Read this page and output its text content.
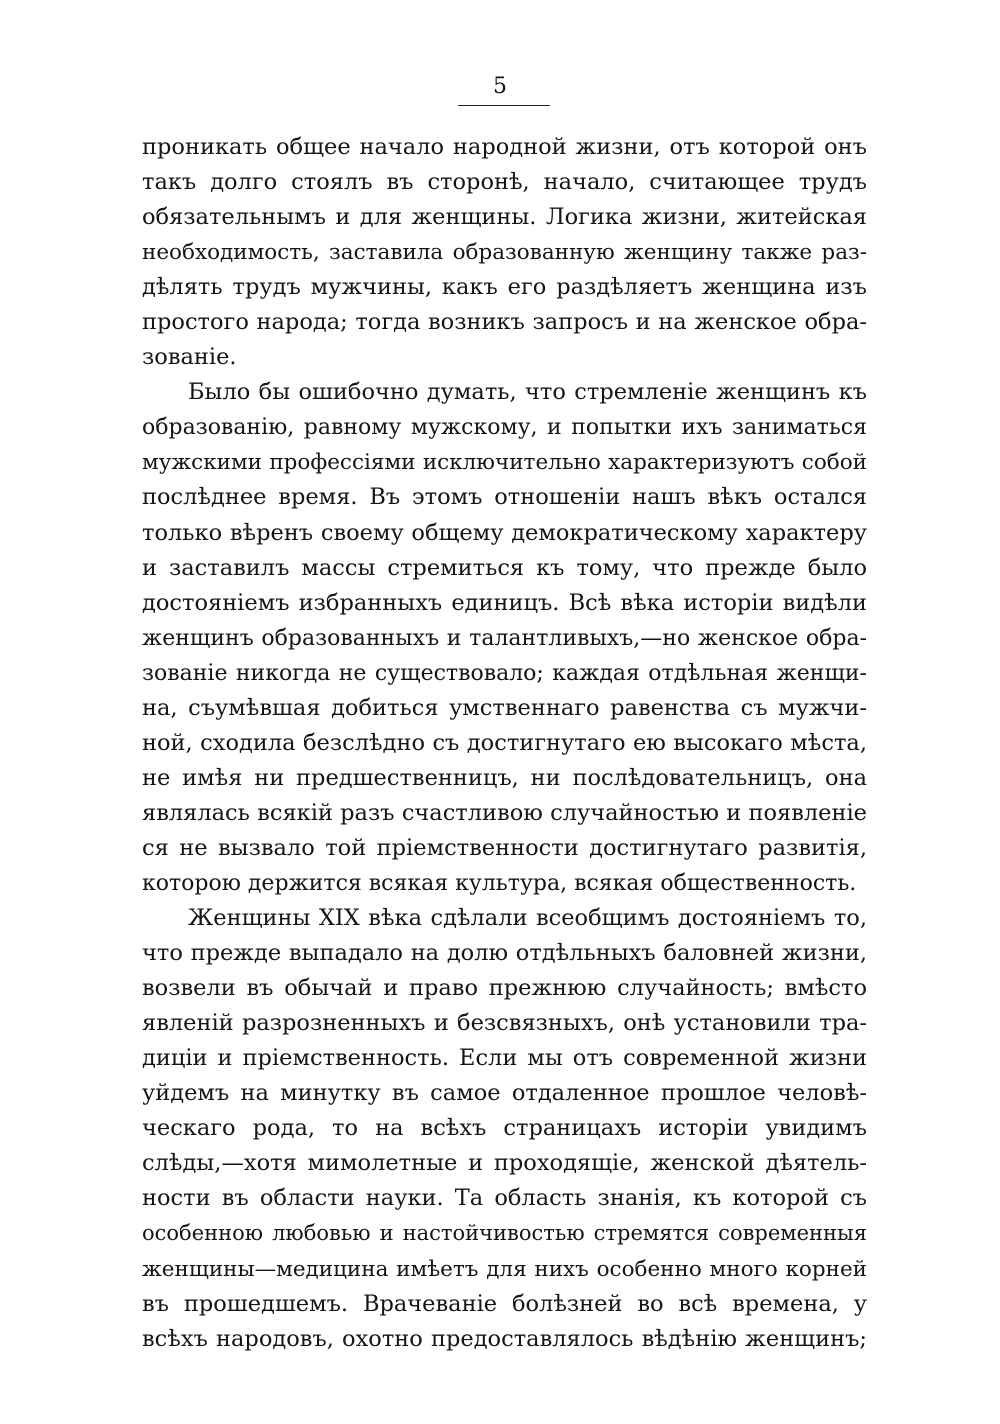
5
проникать общее начало народной жизни, отъ которой онъ
такъ долго стоялъ въ сторонѣ, начало, считающее трудъ
обязательнымъ и для женщины. Логика жизни, житейская
необходимость, заставила образованную женщину также раз-
дѣлять трудъ мужчины, какъ его раздѣляетъ женщина изъ
простого народа; тогда возникъ запросъ и на женское обра-
зованіе.
Было бы ошибочно думать, что стремленіе женщинъ къ
образованію, равному мужскому, и попытки ихъ заниматься
мужскими профессіями исключительно характеризуютъ собой
послѣднее время. Въ этомъ отношеніи нашъ вѣкъ остался
только вѣренъ своему общему демократическому характеру
и заставилъ массы стремиться къ тому, что прежде было
достояніемъ избранныхъ единицъ. Всѣ вѣка исторіи видѣли
женщинъ образованныхъ и талантливыхъ,—но женское обра-
зованіе никогда не существовало; каждая отдѣльная женщи-
на, съумѣвшая добиться умственнаго равенства съ мужчи-
ной, сходила безслѣдно съ достигнутаго ею высокаго мѣста,
не имѣя ни предшественницъ, ни послѣдовательницъ, она
являлась всякій разъ счастливою случайностью и появленіе
ся не вызвало той пріемственности достигнутаго развитія,
которою держится всякая культура, всякая общественность.
Женщины XIX вѣка сдѣлали всеобщимъ достояніемъ то,
что прежде выпадало на долю отдѣльныхъ баловней жизни,
возвели въ обычай и право прежнюю случайность; вмѣсто
явленій разрозненныхъ и безсвязныхъ, онѣ установили тра-
диціи и пріемственность. Если мы отъ современной жизни
уйдемъ на минутку въ самое отдаленное прошлое человѣ-
ческаго рода, то на всѣхъ страницахъ исторіи увидимъ
слѣды,—хотя мимолетные и проходящіе, женской дѣятель-
ности въ области науки. Та область знанія, къ которой съ
особенною любовью и настойчивостью стремятся современныя
женщины—медицина имѣетъ для нихъ особенно много корней
въ прошедшемъ. Врачеваніе болѣзней во всѣ времена, у
всѣхъ народовъ, охотно предоставлялось вѣдѣнію женщинъ;
